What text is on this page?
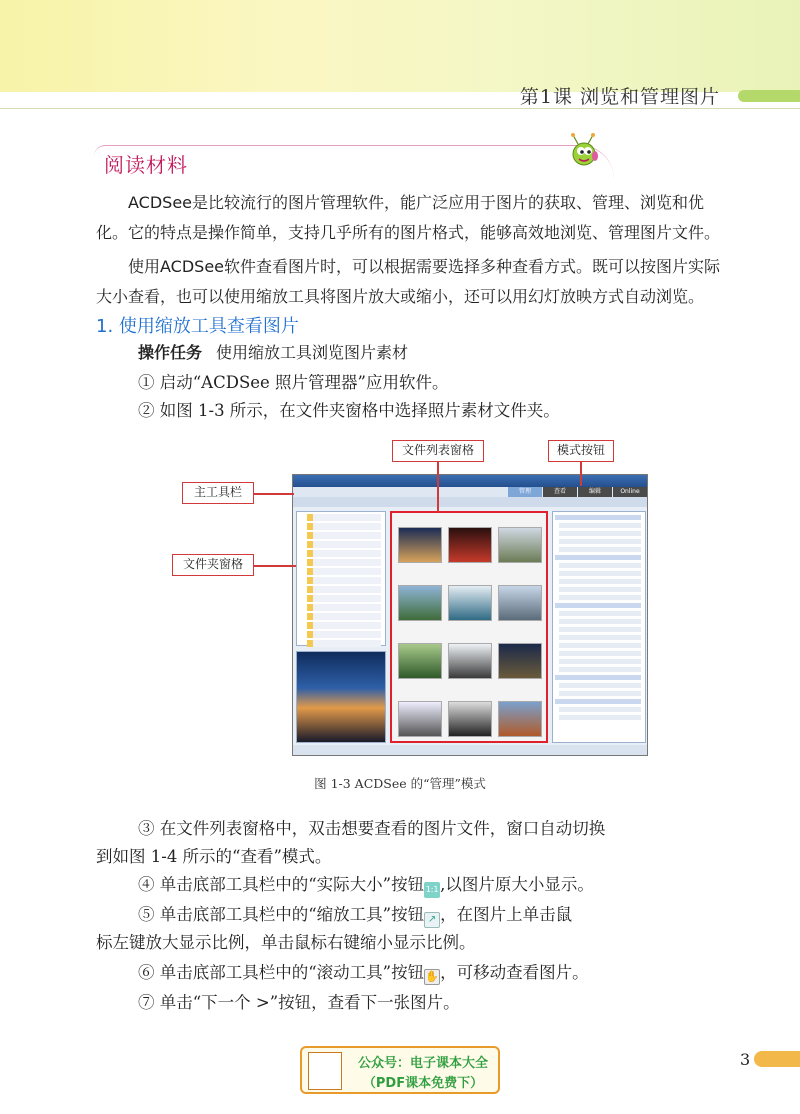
第1课 浏览和管理图片
阅读材料

ACDSee是比较流行的图片管理软件，能广泛应用于图片的获取、管理、浏览和优化。它的特点是操作简单，支持几乎所有的图片格式，能够高效地浏览、管理图片文件。

使用ACDSee软件查看图片时，可以根据需要选择多种查看方式。既可以按图片实际大小查看，也可以使用缩放工具将图片放大或缩小，还可以用幻灯放映方式自动浏览。

1. 使用缩放工具查看图片
操作任务 使用缩放工具浏览图片素材
① 启动“ACDSee 照片管理器”应用软件。
② 如图 1-3 所示，在文件夹窗格中选择照片素材文件夹。
管理	查看	编辑	Online
文件列表窗格	模式按钮
主工具栏
文件夹窗格
图 1-3 ACDSee 的“管理”模式
③ 在文件列表窗格中，双击想要查看的图片文件，窗口自动切换
到如图 1-4 所示的“查看”模式。
④ 单击底部工具栏中的“实际大小”按钮 1:1,以图片原大小显示。
⑤ 单击底部工具栏中的“缩放工具”按钮 ↗ ，在图片上单击鼠
标左键放大显示比例，单击鼠标右键缩小显示比例。
⑥ 单击底部工具栏中的“滚动工具”按钮✋，可移动查看图片。
⑦ 单击“下一个 >”按钮，查看下一张图片。
公众号：电子课本大全
（PDF课本免费下）
3
